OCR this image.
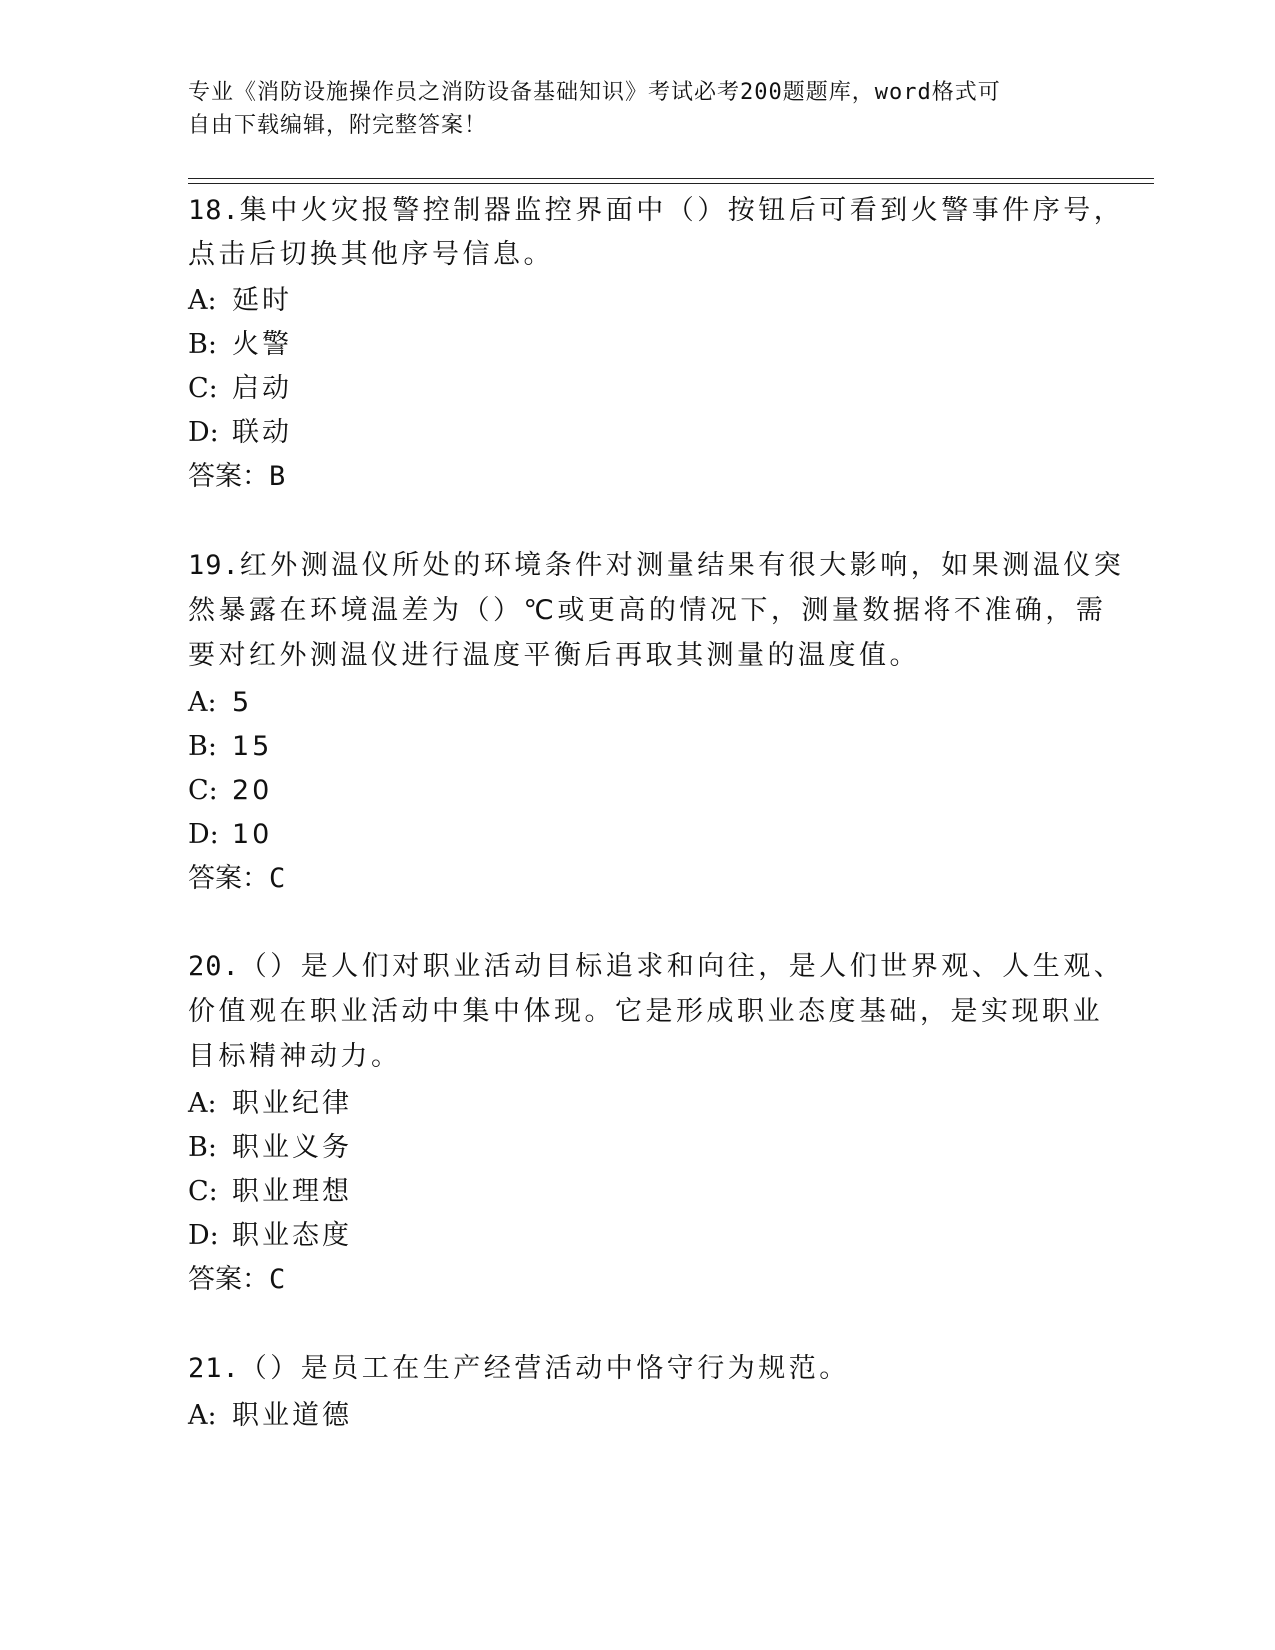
专业《消防设施操作员之消防设备基础知识》考试必考200题题库，word格式可
自由下载编辑，附完整答案！
18.集中火灾报警控制器监控界面中（）按钮后可看到火警事件序号，
点击后切换其他序号信息。
A: 延时
B: 火警
C: 启动
D: 联动
答案：B
19.红外测温仪所处的环境条件对测量结果有很大影响，如果测温仪突
然暴露在环境温差为（）℃或更高的情况下，测量数据将不准确，需
要对红外测温仪进行温度平衡后再取其测量的温度值。
A: 5
B: 15
C: 20
D: 10
答案：C
20.（）是人们对职业活动目标追求和向往，是人们世界观、人生观、
价值观在职业活动中集中体现。它是形成职业态度基础，是实现职业
目标精神动力。
A: 职业纪律
B: 职业义务
C: 职业理想
D: 职业态度
答案：C
21.（）是员工在生产经营活动中恪守行为规范。
A: 职业道德
